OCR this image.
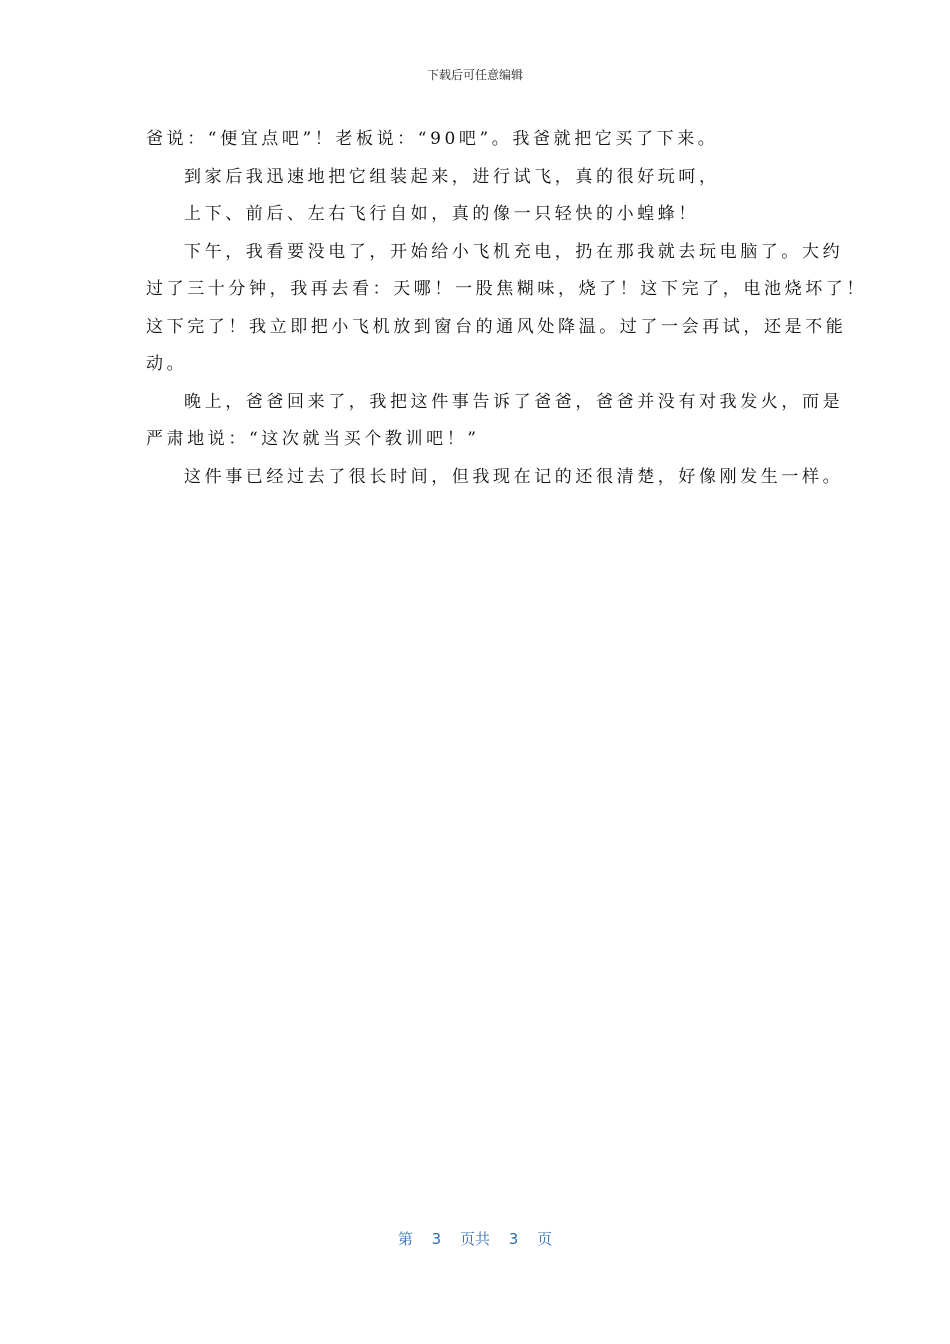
下载后可任意编辑

爸说：“便宜点吧”！老板说：“90吧”。我爸就把它买了下来。

到家后我迅速地把它组装起来，进行试飞，真的很好玩呵，

上下、前后、左右飞行自如，真的像一只轻快的小蝗蜂！

下午，我看要没电了，开始给小飞机充电，扔在那我就去玩电脑了。大约

过了三十分钟，我再去看：天哪！一股焦糊味，烧了！这下完了，电池烧坏了！

这下完了！我立即把小飞机放到窗台的通风处降温。过了一会再试，还是不能

动。

晚上，爸爸回来了，我把这件事告诉了爸爸，爸爸并没有对我发火，而是

严肃地说：“这次就当买个教训吧！”

这件事已经过去了很长时间，但我现在记的还很清楚，好像刚发生一样。

第 3 页共 3 页
